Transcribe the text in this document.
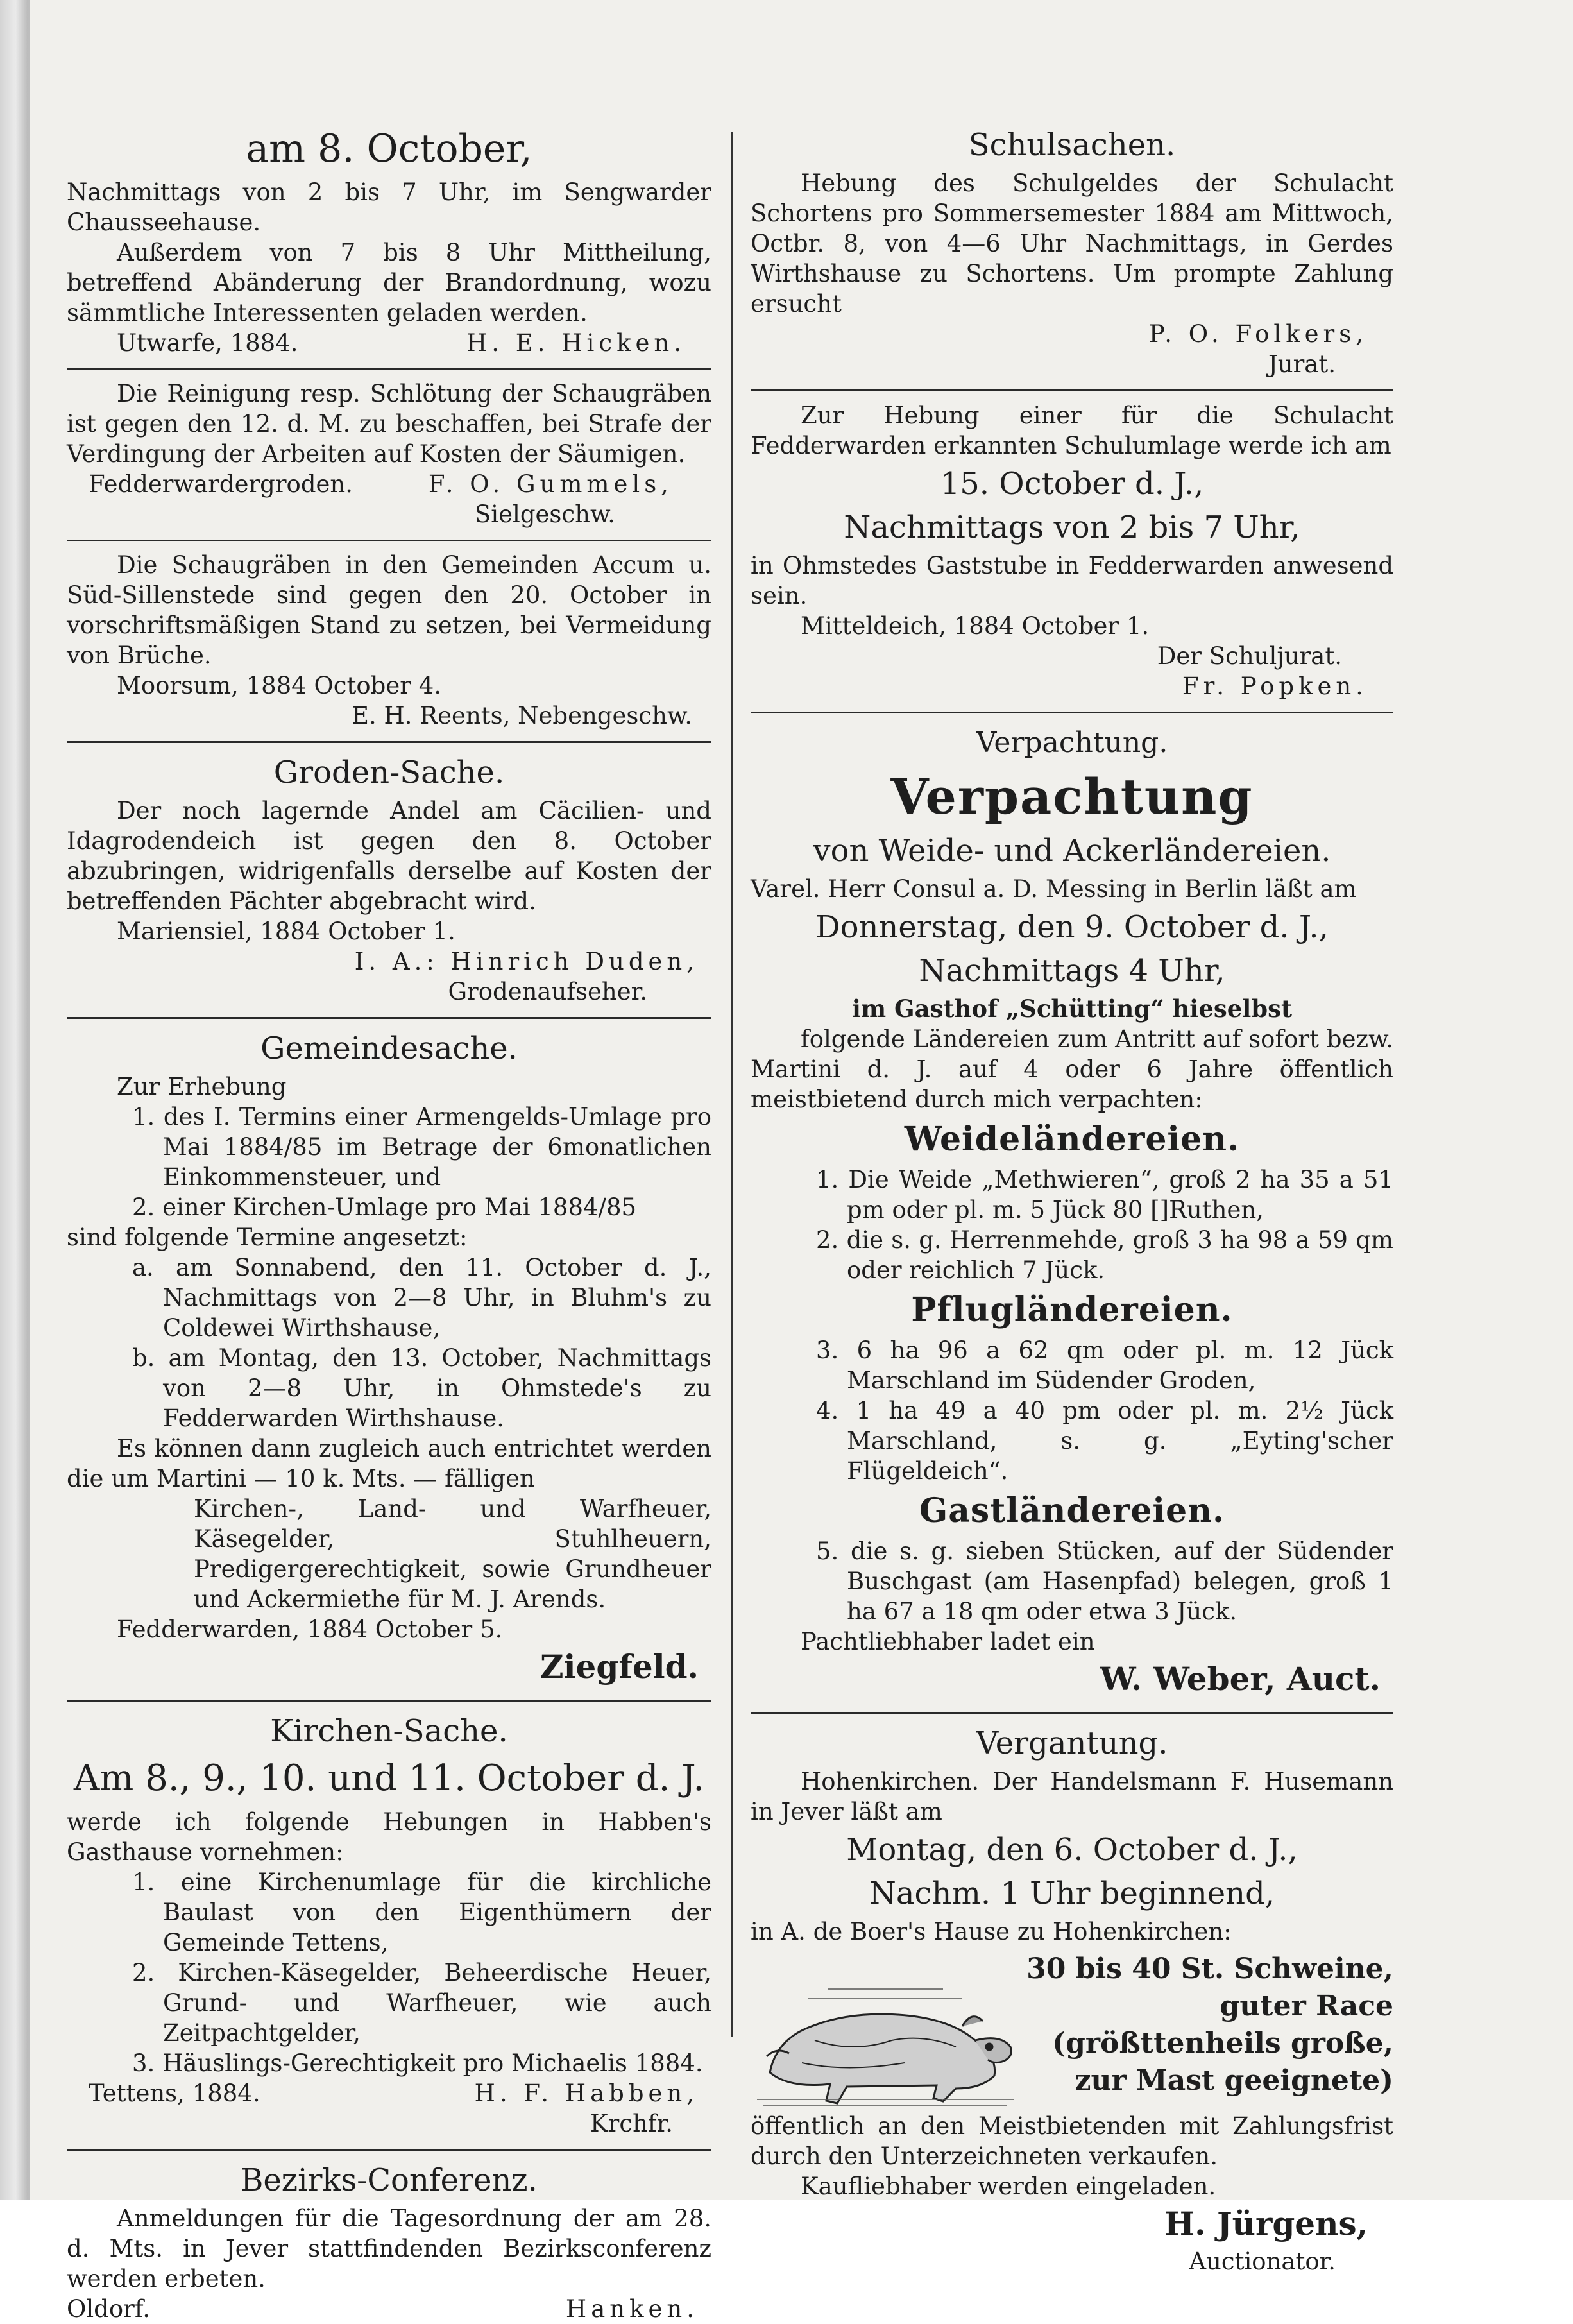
am 8. October,

Nachmittags von 2 bis 7 Uhr, im Sengwarder Chausseehause.

Außerdem von 7 bis 8 Uhr Mittheilung, betreffend Abänderung der Brandordnung, wozu sämmtliche Interessenten geladen werden.

Utwarfe, 1884.	H. E. Hicken.

Die Reinigung resp. Schlötung der Schaugräben ist gegen den 12. d. M. zu beschaffen, bei Strafe der Verdingung der Arbeiten auf Kosten der Säumigen.

Fedderwardergroden.	F. O. Gummels,

Sielgeschw.

Die Schaugräben in den Gemeinden Accum u. Süd-Sillenstede sind gegen den 20. October in vorschriftsmäßigen Stand zu setzen, bei Vermeidung von Brüche.

Moorsum, 1884 October 4.

E. H. Reents, Nebengeschw.

Groden-Sache.

Der noch lagernde Andel am Cäcilien- und Idagrodendeich ist gegen den 8. October abzubringen, widrigenfalls derselbe auf Kosten der betreffenden Pächter abgebracht wird.

Mariensiel, 1884 October 1.

I. A.: Hinrich Duden,

Grodenaufseher.

Gemeindesache.

Zur Erhebung

1. des I. Termins einer Armengelds-Umlage pro Mai 1884/85 im Betrage der 6monatlichen Einkommensteuer, und

2. einer Kirchen-Umlage pro Mai 1884/85

sind folgende Termine angesetzt:

a. am Sonnabend, den 11. October d. J., Nachmittags von 2—8 Uhr, in Bluhm's zu Coldewei Wirthshause,

b. am Montag, den 13. October, Nachmittags von 2—8 Uhr, in Ohmstede's zu Fedderwarden Wirthshause.

Es können dann zugleich auch entrichtet werden die um Martini — 10 k. Mts. — fälligen

Kirchen-, Land- und Warfheuer, Käsegelder, Stuhlheuern, Predigergerechtigkeit, sowie Grundheuer und Ackermiethe für M. J. Arends.

Fedderwarden, 1884 October 5.

Ziegfeld.

Kirchen-Sache.
Am 8., 9., 10. und 11. October d. J.

werde ich folgende Hebungen in Habben's Gasthause vornehmen:

1. eine Kirchenumlage für die kirchliche Baulast von den Eigenthümern der Gemeinde Tettens,

2. Kirchen-Käsegelder, Beheerdische Heuer, Grund- und Warfheuer, wie auch Zeitpachtgelder,

3. Häuslings-Gerechtigkeit pro Michaelis 1884.

Tettens, 1884.	H. F. Habben,

Krchfr.

Bezirks-Conferenz.

Anmeldungen für die Tagesordnung der am 28. d. Mts. in Jever stattfindenden Bezirksconferenz werden erbeten.

Oldorf.	Hanken.

Schulsachen.

Hebung des Schulgeldes der Schulacht Schortens pro Sommersemester 1884 am Mittwoch, Octbr. 8, von 4—6 Uhr Nachmittags, in Gerdes Wirthshause zu Schortens. Um prompte Zahlung ersucht

P. O. Folkers,

Jurat.

Zur Hebung einer für die Schulacht Fedderwarden erkannten Schulumlage werde ich am

15. October d. J.,
Nachmittags von 2 bis 7 Uhr,

in Ohmstedes Gaststube in Fedderwarden anwesend sein.

Mitteldeich, 1884 October 1.

Der Schuljurat.

Fr. Popken.

Verpachtung.
Verpachtung
von Weide- und Ackerländereien.

Varel. Herr Consul a. D. Messing in Berlin läßt am

Donnerstag, den 9. October d. J.,
Nachmittags 4 Uhr,

im Gasthof „Schütting“ hieselbst

folgende Ländereien zum Antritt auf sofort bezw. Martini d. J. auf 4 oder 6 Jahre öffentlich meistbietend durch mich verpachten:

Weideländereien.

1. Die Weide „Methwieren“, groß 2 ha 35 a 51 pm oder pl. m. 5 Jück 80 []Ruthen,

2. die s. g. Herrenmehde, groß 3 ha 98 a 59 qm oder reichlich 7 Jück.

Pflugländereien.

3. 6 ha 96 a 62 qm oder pl. m. 12 Jück Marschland im Südender Groden,

4. 1 ha 49 a 40 pm oder pl. m. 2½ Jück Marschland, s. g. „Eyting'scher Flügeldeich“.

Gastländereien.

5. die s. g. sieben Stücken, auf der Südender Buschgast (am Hasenpfad) belegen, groß 1 ha 67 a 18 qm oder etwa 3 Jück.

Pachtliebhaber ladet ein

W. Weber, Auct.

Vergantung.

Hohenkirchen. Der Handelsmann F. Husemann in Jever läßt am

Montag, den 6. October d. J.,
Nachm. 1 Uhr beginnend,

in A. de Boer's Hause zu Hohenkirchen:

30 bis 40 St. Schweine,

guter Race

(größttenheils große,

zur Mast geeignete)

öffentlich an den Meistbietenden mit Zahlungsfrist durch den Unterzeichneten verkaufen.

Kaufliebhaber werden eingeladen.

H. Jürgens,

Auctionator.
